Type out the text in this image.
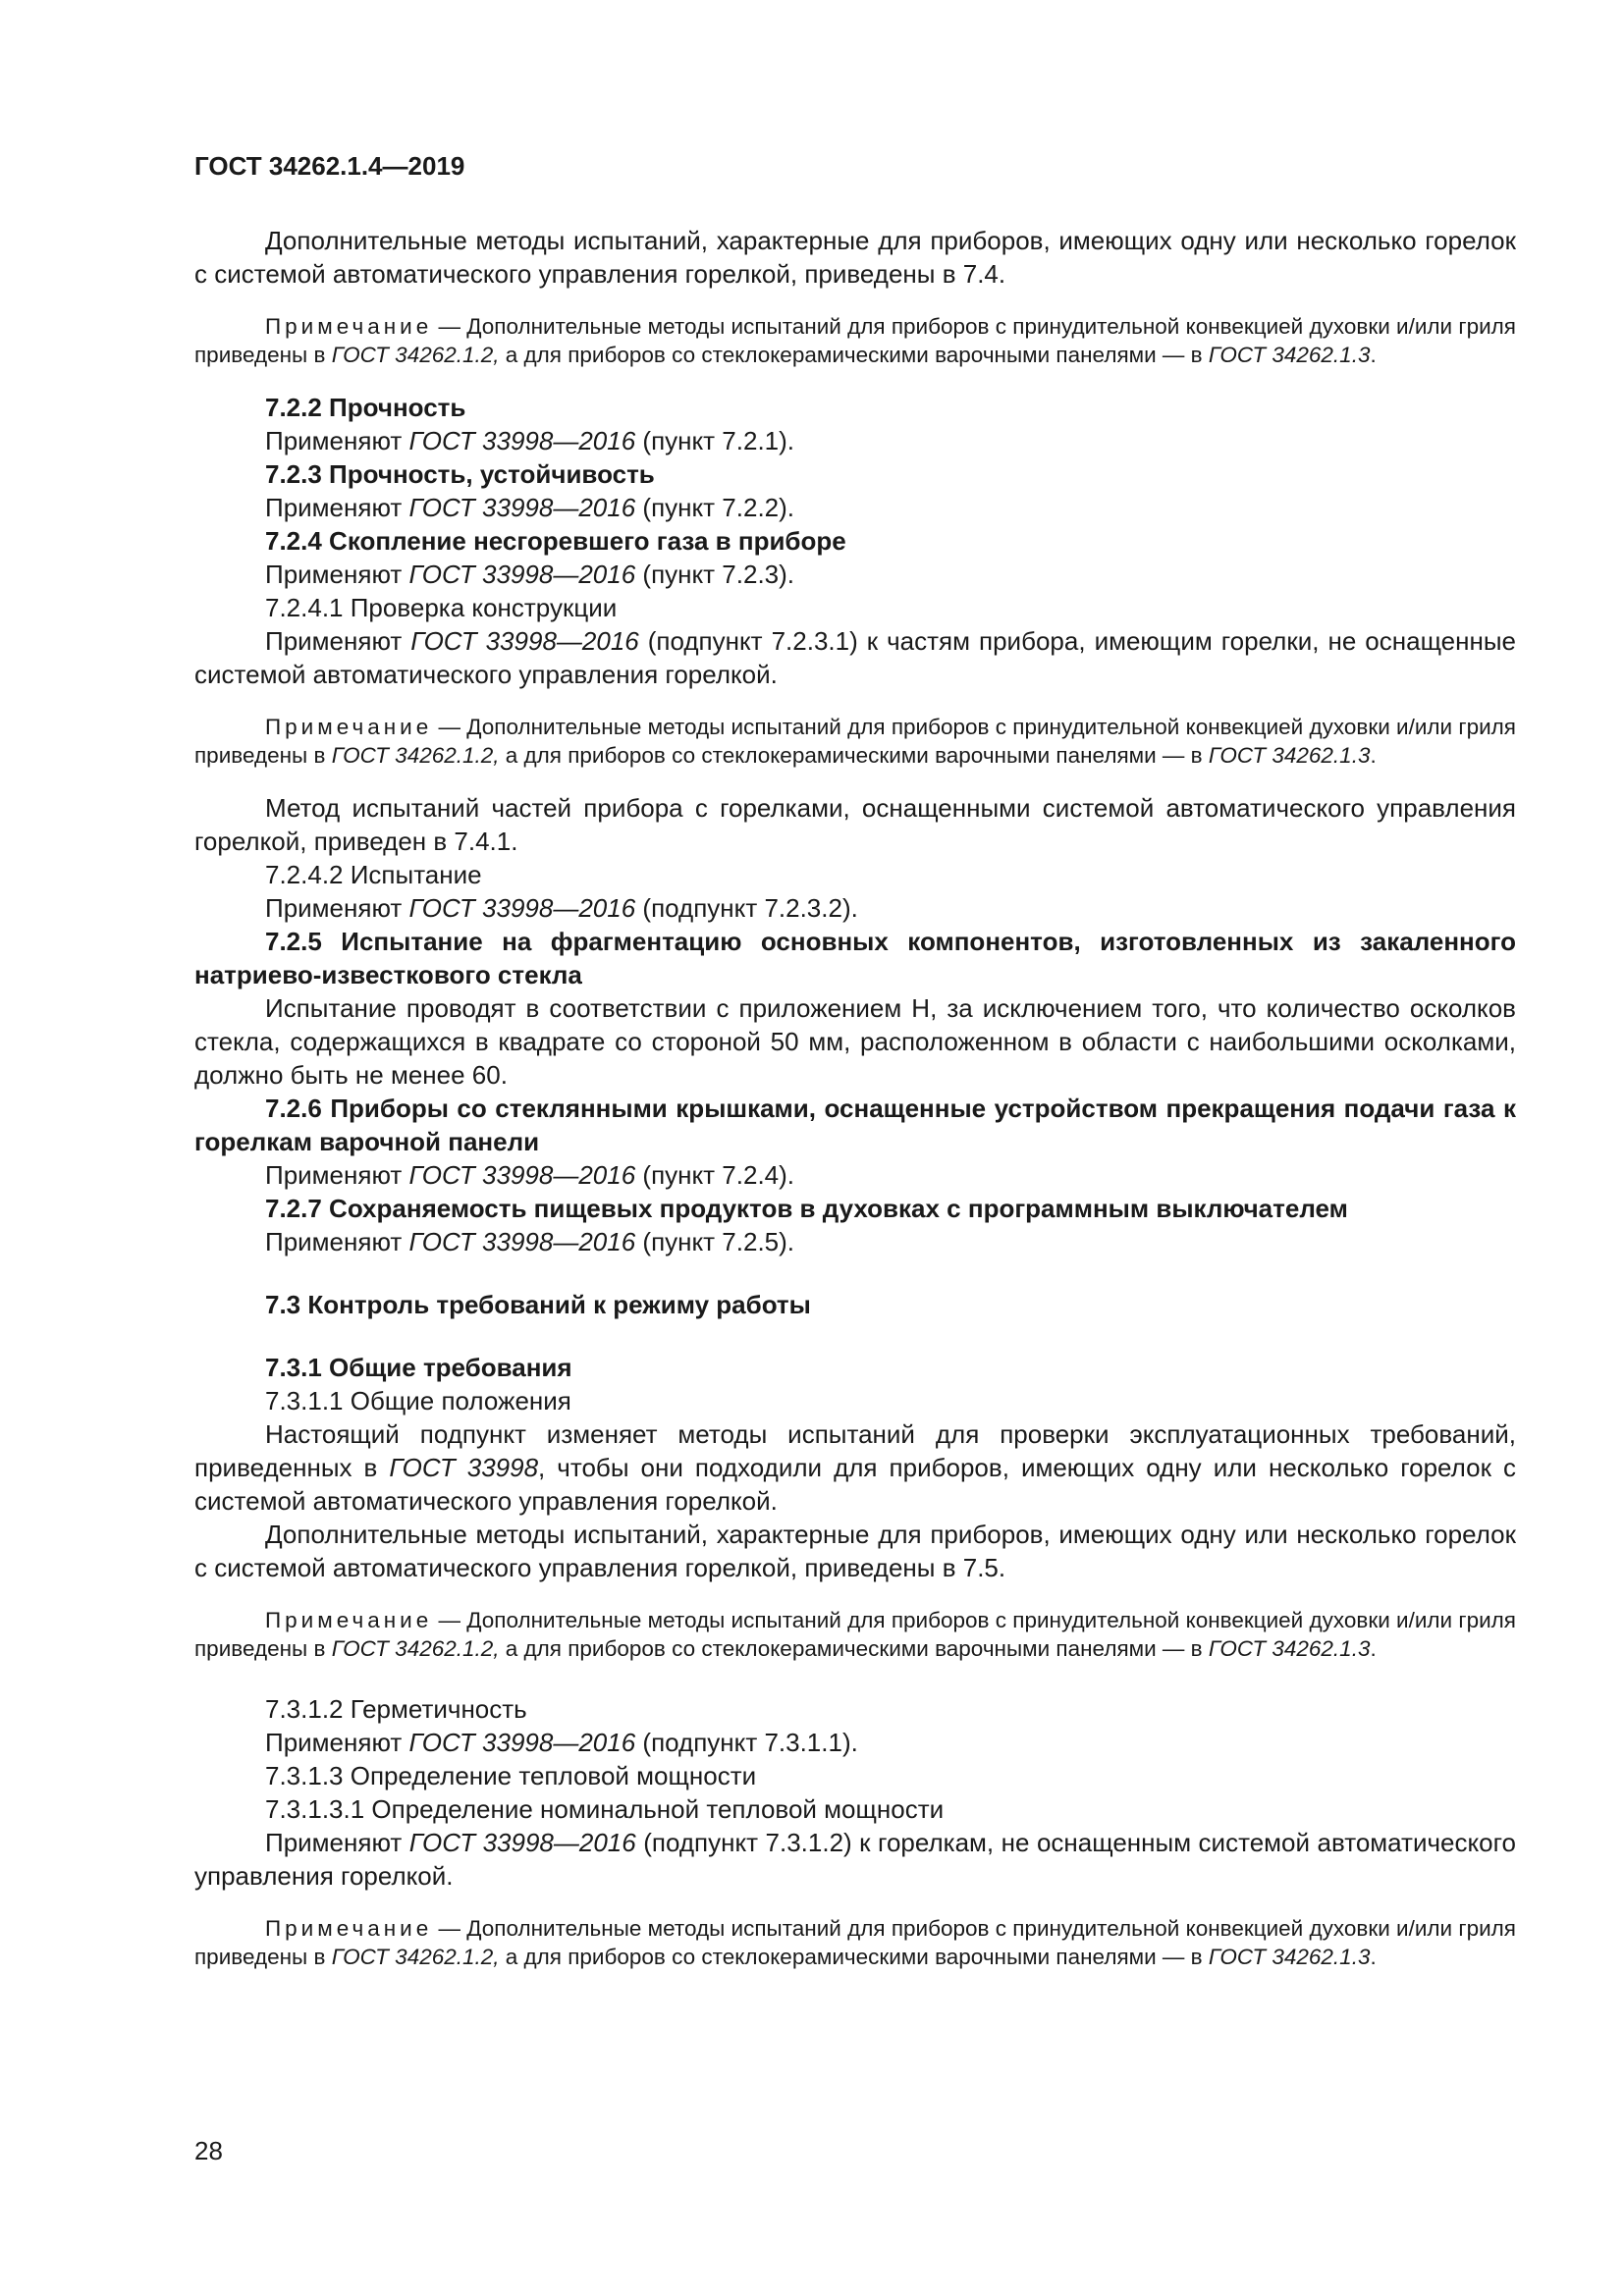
ГОСТ 34262.1.4—2019

Дополнительные методы испытаний, характерные для приборов, имеющих одну или несколько горелок с системой автоматического управления горелкой, приведены в 7.4.

Примечание — Дополнительные методы испытаний для приборов с принудительной конвекцией духовки и/или гриля приведены в ГОСТ 34262.1.2, а для приборов со стеклокерамическими варочными панелями — в ГОСТ 34262.1.3.

7.2.2 Прочность

Применяют ГОСТ 33998—2016 (пункт 7.2.1).

7.2.3 Прочность, устойчивость

Применяют ГОСТ 33998—2016 (пункт 7.2.2).

7.2.4 Скопление несгоревшего газа в приборе

Применяют ГОСТ 33998—2016 (пункт 7.2.3).

7.2.4.1 Проверка конструкции

Применяют ГОСТ 33998—2016 (подпункт 7.2.3.1) к частям прибора, имеющим горелки, не оснащенные системой автоматического управления горелкой.

Примечание — Дополнительные методы испытаний для приборов с принудительной конвекцией духовки и/или гриля приведены в ГОСТ 34262.1.2, а для приборов со стеклокерамическими варочными панелями — в ГОСТ 34262.1.3.

Метод испытаний частей прибора с горелками, оснащенными системой автоматического управления горелкой, приведен в 7.4.1.

7.2.4.2 Испытание

Применяют ГОСТ 33998—2016 (подпункт 7.2.3.2).

7.2.5 Испытание на фрагментацию основных компонентов, изготовленных из закаленного натриево-известкового стекла

Испытание проводят в соответствии с приложением Н, за исключением того, что количество осколков стекла, содержащихся в квадрате со стороной 50 мм, расположенном в области с наибольшими осколками, должно быть не менее 60.

7.2.6 Приборы со стеклянными крышками, оснащенные устройством прекращения подачи газа к горелкам варочной панели

Применяют ГОСТ 33998—2016 (пункт 7.2.4).

7.2.7 Сохраняемость пищевых продуктов в духовках с программным выключателем

Применяют ГОСТ 33998—2016 (пункт 7.2.5).

7.3 Контроль требований к режиму работы

7.3.1 Общие требования

7.3.1.1 Общие положения

Настоящий подпункт изменяет методы испытаний для проверки эксплуатационных требований, приведенных в ГОСТ 33998, чтобы они подходили для приборов, имеющих одну или несколько горелок с системой автоматического управления горелкой.

Дополнительные методы испытаний, характерные для приборов, имеющих одну или несколько горелок с системой автоматического управления горелкой, приведены в 7.5.

Примечание — Дополнительные методы испытаний для приборов с принудительной конвекцией духовки и/или гриля приведены в ГОСТ 34262.1.2, а для приборов со стеклокерамическими варочными панелями — в ГОСТ 34262.1.3.

7.3.1.2 Герметичность

Применяют ГОСТ 33998—2016 (подпункт 7.3.1.1).

7.3.1.3 Определение тепловой мощности

7.3.1.3.1 Определение номинальной тепловой мощности

Применяют ГОСТ 33998—2016 (подпункт 7.3.1.2) к горелкам, не оснащенным системой автоматического управления горелкой.

Примечание — Дополнительные методы испытаний для приборов с принудительной конвекцией духовки и/или гриля приведены в ГОСТ 34262.1.2, а для приборов со стеклокерамическими варочными панелями — в ГОСТ 34262.1.3.

28
